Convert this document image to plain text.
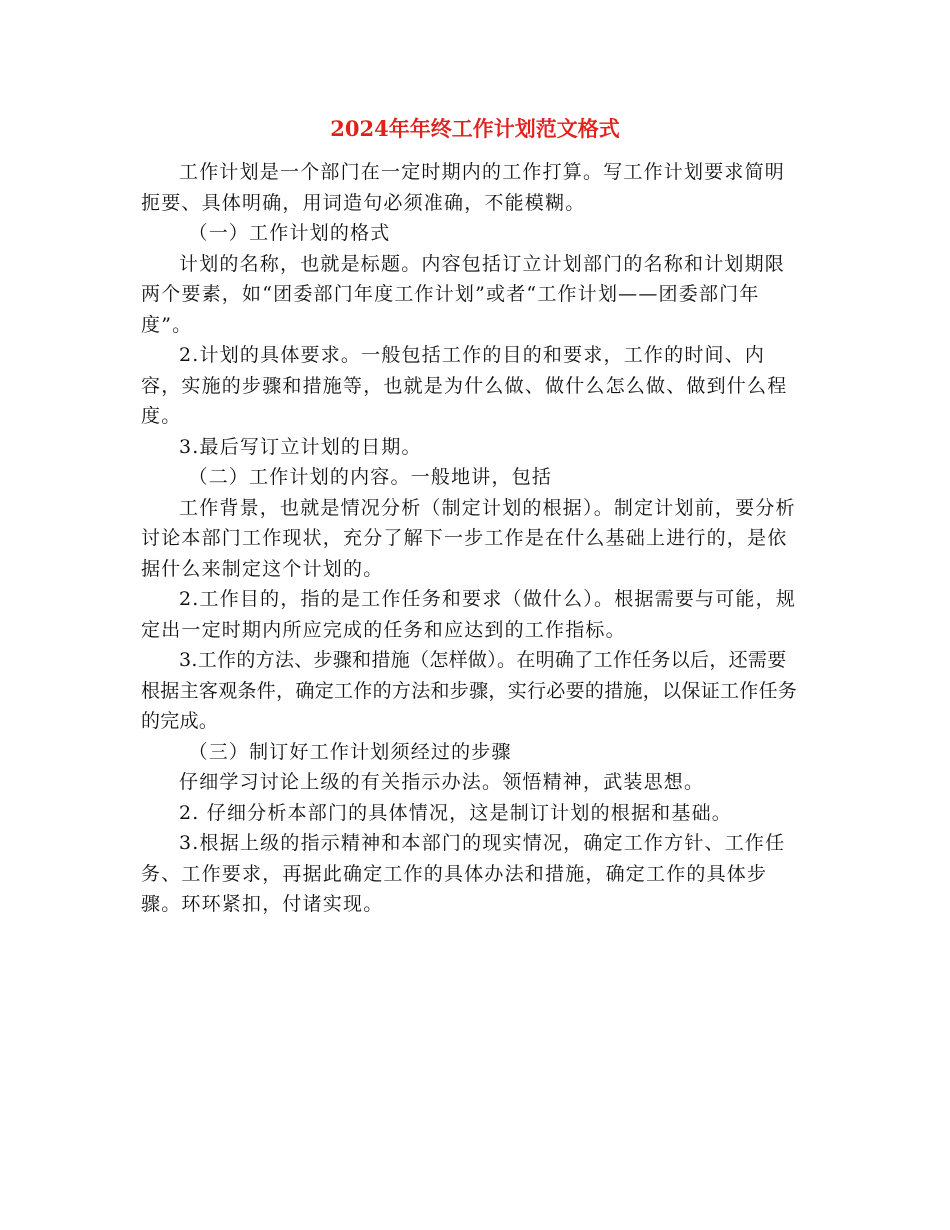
2024年年终工作计划范文格式

工作计划是一个部门在一定时期内的工作打算。写工作计划要求简明扼要、具体明确，用词造句必须准确，不能模糊。

（一）工作计划的格式

计划的名称，也就是标题。内容包括订立计划部门的名称和计划期限两个要素，如“团委部门年度工作计划”或者“工作计划——团委部门年度”。

2.计划的具体要求。一般包括工作的目的和要求，工作的时间、内容，实施的步骤和措施等，也就是为什么做、做什么怎么做、做到什么程度。

3.最后写订立计划的日期。

（二）工作计划的内容。一般地讲，包括

工作背景，也就是情况分析（制定计划的根据）。制定计划前，要分析讨论本部门工作现状，充分了解下一步工作是在什么基础上进行的，是依据什么来制定这个计划的。

2.工作目的，指的是工作任务和要求（做什么）。根据需要与可能，规定出一定时期内所应完成的任务和应达到的工作指标。

3.工作的方法、步骤和措施（怎样做）。在明确了工作任务以后，还需要根据主客观条件，确定工作的方法和步骤，实行必要的措施，以保证工作任务的完成。

（三）制订好工作计划须经过的步骤

仔细学习讨论上级的有关指示办法。领悟精神，武装思想。

2. 仔细分析本部门的具体情况，这是制订计划的根据和基础。

3.根据上级的指示精神和本部门的现实情况，确定工作方针、工作任务、工作要求，再据此确定工作的具体办法和措施，确定工作的具体步骤。环环紧扣，付诸实现。
